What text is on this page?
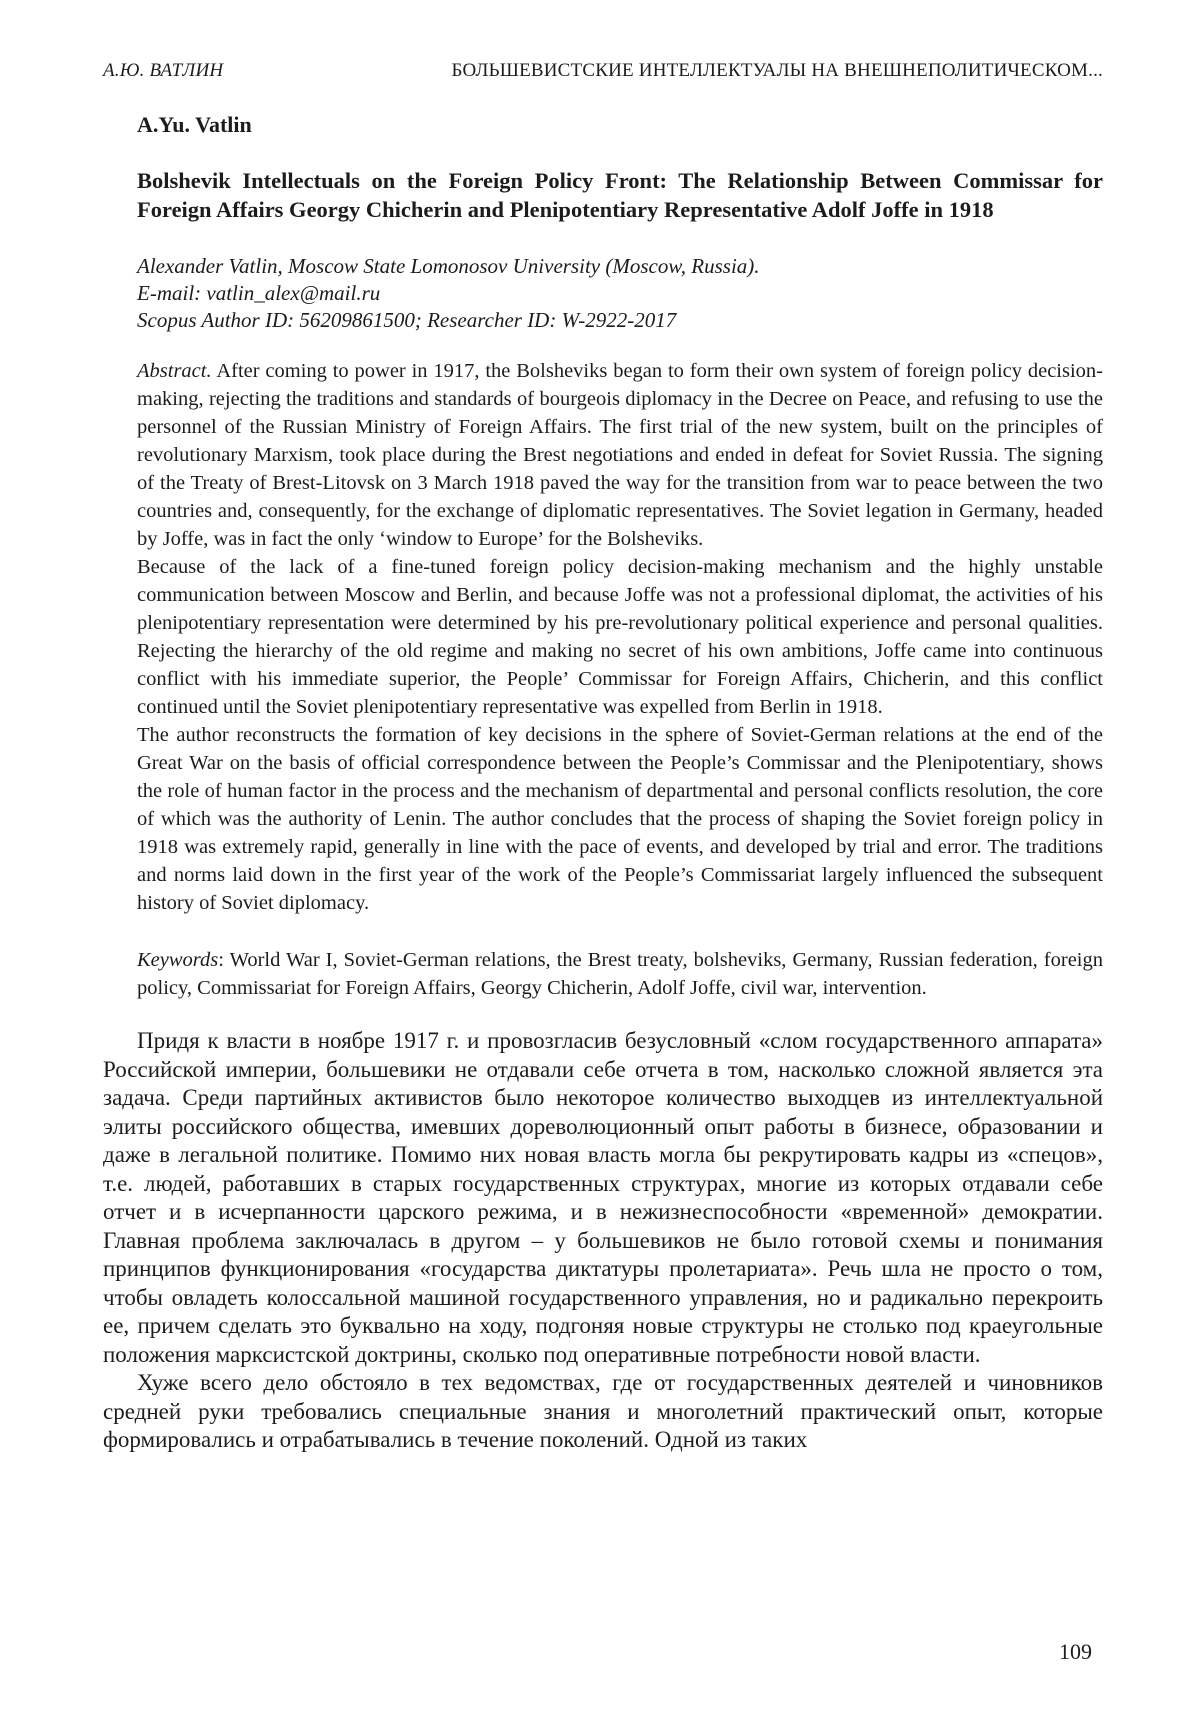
А.Ю. ВАТЛИН	БОЛЬШЕВИСТСКИЕ ИНТЕЛЛЕКТУАЛЫ НА ВНЕШНЕПОЛИТИЧЕСКОМ...
A.Yu. Vatlin
Bolshevik Intellectuals on the Foreign Policy Front: The Relationship Between Commissar for Foreign Affairs Georgy Chicherin and Plenipotentiary Representative Adolf Joffe in 1918
Alexander Vatlin, Moscow State Lomonosov University (Moscow, Russia).
E-mail: vatlin_alex@mail.ru
Scopus Author ID: 56209861500; Researcher ID: W-2922-2017

Abstract. After coming to power in 1917, the Bolsheviks began to form their own system of foreign policy decision-making, rejecting the traditions and standards of bourgeois diplomacy in the Decree on Peace, and refusing to use the personnel of the Russian Ministry of Foreign Affairs. The first trial of the new system, built on the principles of revolutionary Marxism, took place during the Brest negotiations and ended in defeat for Soviet Russia. The signing of the Treaty of Brest-Litovsk on 3 March 1918 paved the way for the transition from war to peace between the two countries and, consequently, for the exchange of diplomatic representatives. The Soviet legation in Germany, headed by Joffe, was in fact the only ‘window to Europe’ for the Bolsheviks.

Because of the lack of a fine-tuned foreign policy decision-making mechanism and the highly unstable communication between Moscow and Berlin, and because Joffe was not a professional diplomat, the activities of his plenipotentiary representation were determined by his pre-revolutionary political experience and personal qualities. Rejecting the hierarchy of the old regime and making no secret of his own ambitions, Joffe came into continuous conflict with his immediate superior, the People’ Commissar for Foreign Affairs, Chicherin, and this conflict continued until the Soviet plenipotentiary representative was expelled from Berlin in 1918.

The author reconstructs the formation of key decisions in the sphere of Soviet-German relations at the end of the Great War on the basis of official correspondence between the People’s Commissar and the Plenipotentiary, shows the role of human factor in the process and the mechanism of departmental and personal conflicts resolution, the core of which was the authority of Lenin. The author concludes that the process of shaping the Soviet foreign policy in 1918 was extremely rapid, generally in line with the pace of events, and developed by trial and error. The traditions and norms laid down in the first year of the work of the People’s Commissariat largely influenced the subsequent history of Soviet diplomacy.

Keywords: World War I, Soviet-German relations, the Brest treaty, bolsheviks, Germany, Russian federation, foreign policy, Commissariat for Foreign Affairs, Georgy Chicherin, Adolf Joffe, civil war, intervention.

Придя к власти в ноябре 1917 г. и провозгласив безусловный «слом государственного аппарата» Российской империи, большевики не отдавали себе отчета в том, насколько сложной является эта задача. Среди партийных активистов было некоторое количество выходцев из интеллектуальной элиты российского общества, имевших дореволюционный опыт работы в бизнесе, образовании и даже в легальной политике. Помимо них новая власть могла бы рекрутировать кадры из «спецов», т.е. людей, работавших в старых государственных структурах, многие из которых отдавали себе отчет и в исчерпанности царского режима, и в нежизнеспособности «временной» демократии. Главная проблема заключалась в другом – у большевиков не было готовой схемы и понимания принципов функционирования «государства диктатуры пролетариата». Речь шла не просто о том, чтобы овладеть колоссальной машиной государственного управления, но и радикально перекроить ее, причем сделать это буквально на ходу, подгоняя новые структуры не столько под краеугольные положения марксистской доктрины, сколько под оперативные потребности новой власти.

Хуже всего дело обстояло в тех ведомствах, где от государственных деятелей и чиновников средней руки требовались специальные знания и многолетний практический опыт, которые формировались и отрабатывались в течение поколений. Одной из таких

109
